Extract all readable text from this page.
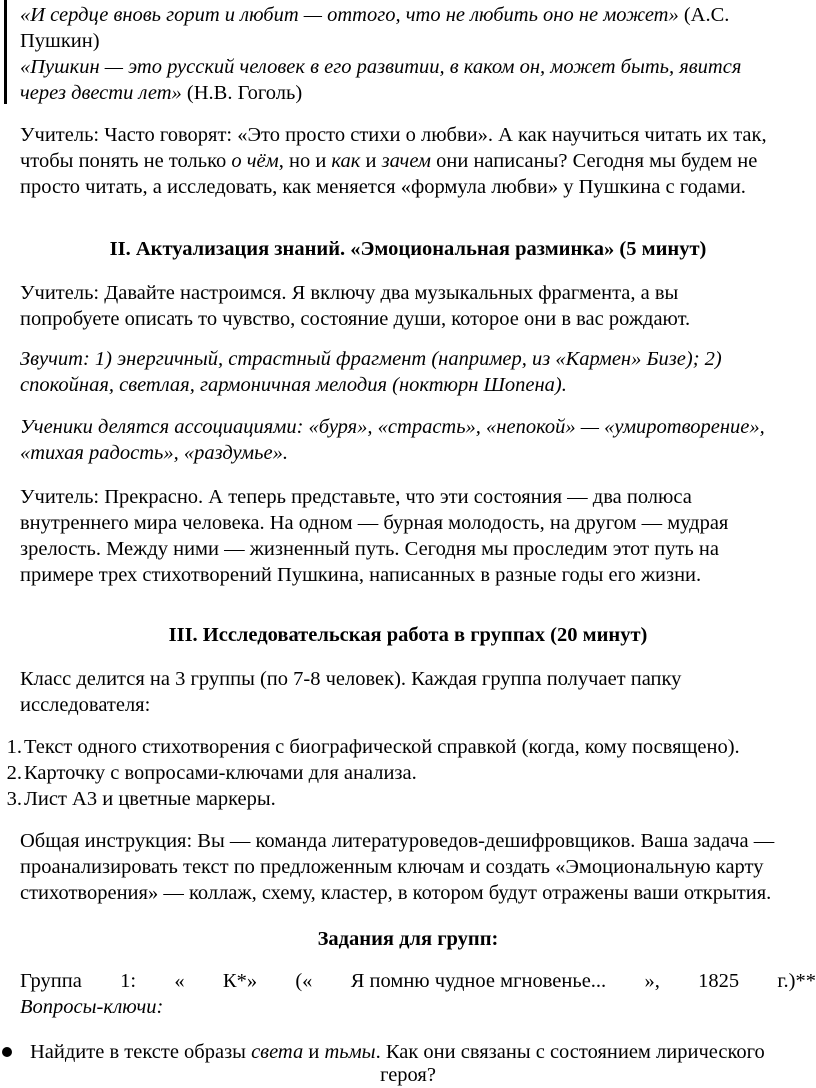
«И сердце вновь горит и любит — оттого, что не любить оно не может» (А.С.
Пушкин)
«Пушкин — это русский человек в его развитии, в каком он, может быть, явится
через двести лет» (Н.В. Гоголь)
Учитель: Часто говорят: «Это просто стихи о любви». А как научиться читать их так,
чтобы понять не только о чём, но и как и зачем они написаны? Сегодня мы будем не
просто читать, а исследовать, как меняется «формула любви» у Пушкина с годами.
II. Актуализация знаний. «Эмоциональная разминка» (5 минут)
Учитель: Давайте настроимся. Я включу два музыкальных фрагмента, а вы
попробуете описать то чувство, состояние души, которое они в вас рождают.
Звучит: 1) энергичный, страстный фрагмент (например, из «Кармен» Бизе); 2)
спокойная, светлая, гармоничная мелодия (ноктюрн Шопена).
Ученики делятся ассоциациями: «буря», «страсть», «непокой» — «умиротворение»,
«тихая радость», «раздумье».
Учитель: Прекрасно. А теперь представьте, что эти состояния — два полюса
внутреннего мира человека. На одном — бурная молодость, на другом — мудрая
зрелость. Между ними — жизненный путь. Сегодня мы проследим этот путь на
примере трех стихотворений Пушкина, написанных в разные годы его жизни.
III. Исследовательская работа в группах (20 минут)
Класс делится на 3 группы (по 7-8 человек). Каждая группа получает папку
исследователя:
1.Текст одного стихотворения с биографической справкой (когда, кому посвящено).
2.Карточку с вопросами-ключами для анализа.
3.Лист А3 и цветные маркеры.
Общая инструкция: Вы — команда литературоведов-дешифровщиков. Ваша задача —
проанализировать текст по предложенным ключам и создать «Эмоциональную карту
стихотворения» — коллаж, схему, кластер, в котором будут отражены ваши открытия.
Задания для групп:
Группа 1: « К*» (« Я помню чудное мгновенье... », 1825 г.)**
Вопросы-ключи:
Найдите в тексте образы света и тьмы. Как они связаны с состоянием лирического
героя?
